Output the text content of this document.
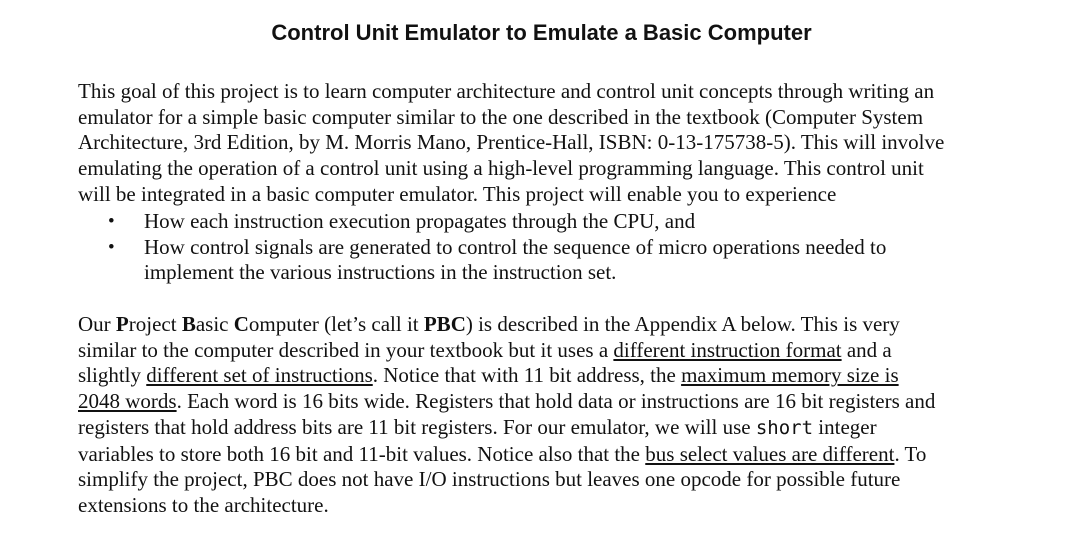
Control Unit Emulator to Emulate a Basic Computer
This goal of this project is to learn computer architecture and control unit concepts through writing an
emulator for a simple basic computer similar to the one described in the textbook (Computer System
Architecture, 3rd Edition, by M. Morris Mano, Prentice-Hall, ISBN: 0-13-175738-5). This will involve
emulating the operation of a control unit using a high-level programming language. This control unit
will be integrated in a basic computer emulator. This project will enable you to experience
• How each instruction execution propagates through the CPU, and
• How control signals are generated to control the sequence of micro operations needed to
implement the various instructions in the instruction set.
Our Project Basic Computer (let’s call it PBC) is described in the Appendix A below. This is very
similar to the computer described in your textbook but it uses a different instruction format and a
slightly different set of instructions. Notice that with 11 bit address, the maximum memory size is
2048 words. Each word is 16 bits wide. Registers that hold data or instructions are 16 bit registers and
registers that hold address bits are 11 bit registers. For our emulator, we will use short integer
variables to store both 16 bit and 11-bit values. Notice also that the bus select values are different. To
simplify the project, PBC does not have I/O instructions but leaves one opcode for possible future
extensions to the architecture.
